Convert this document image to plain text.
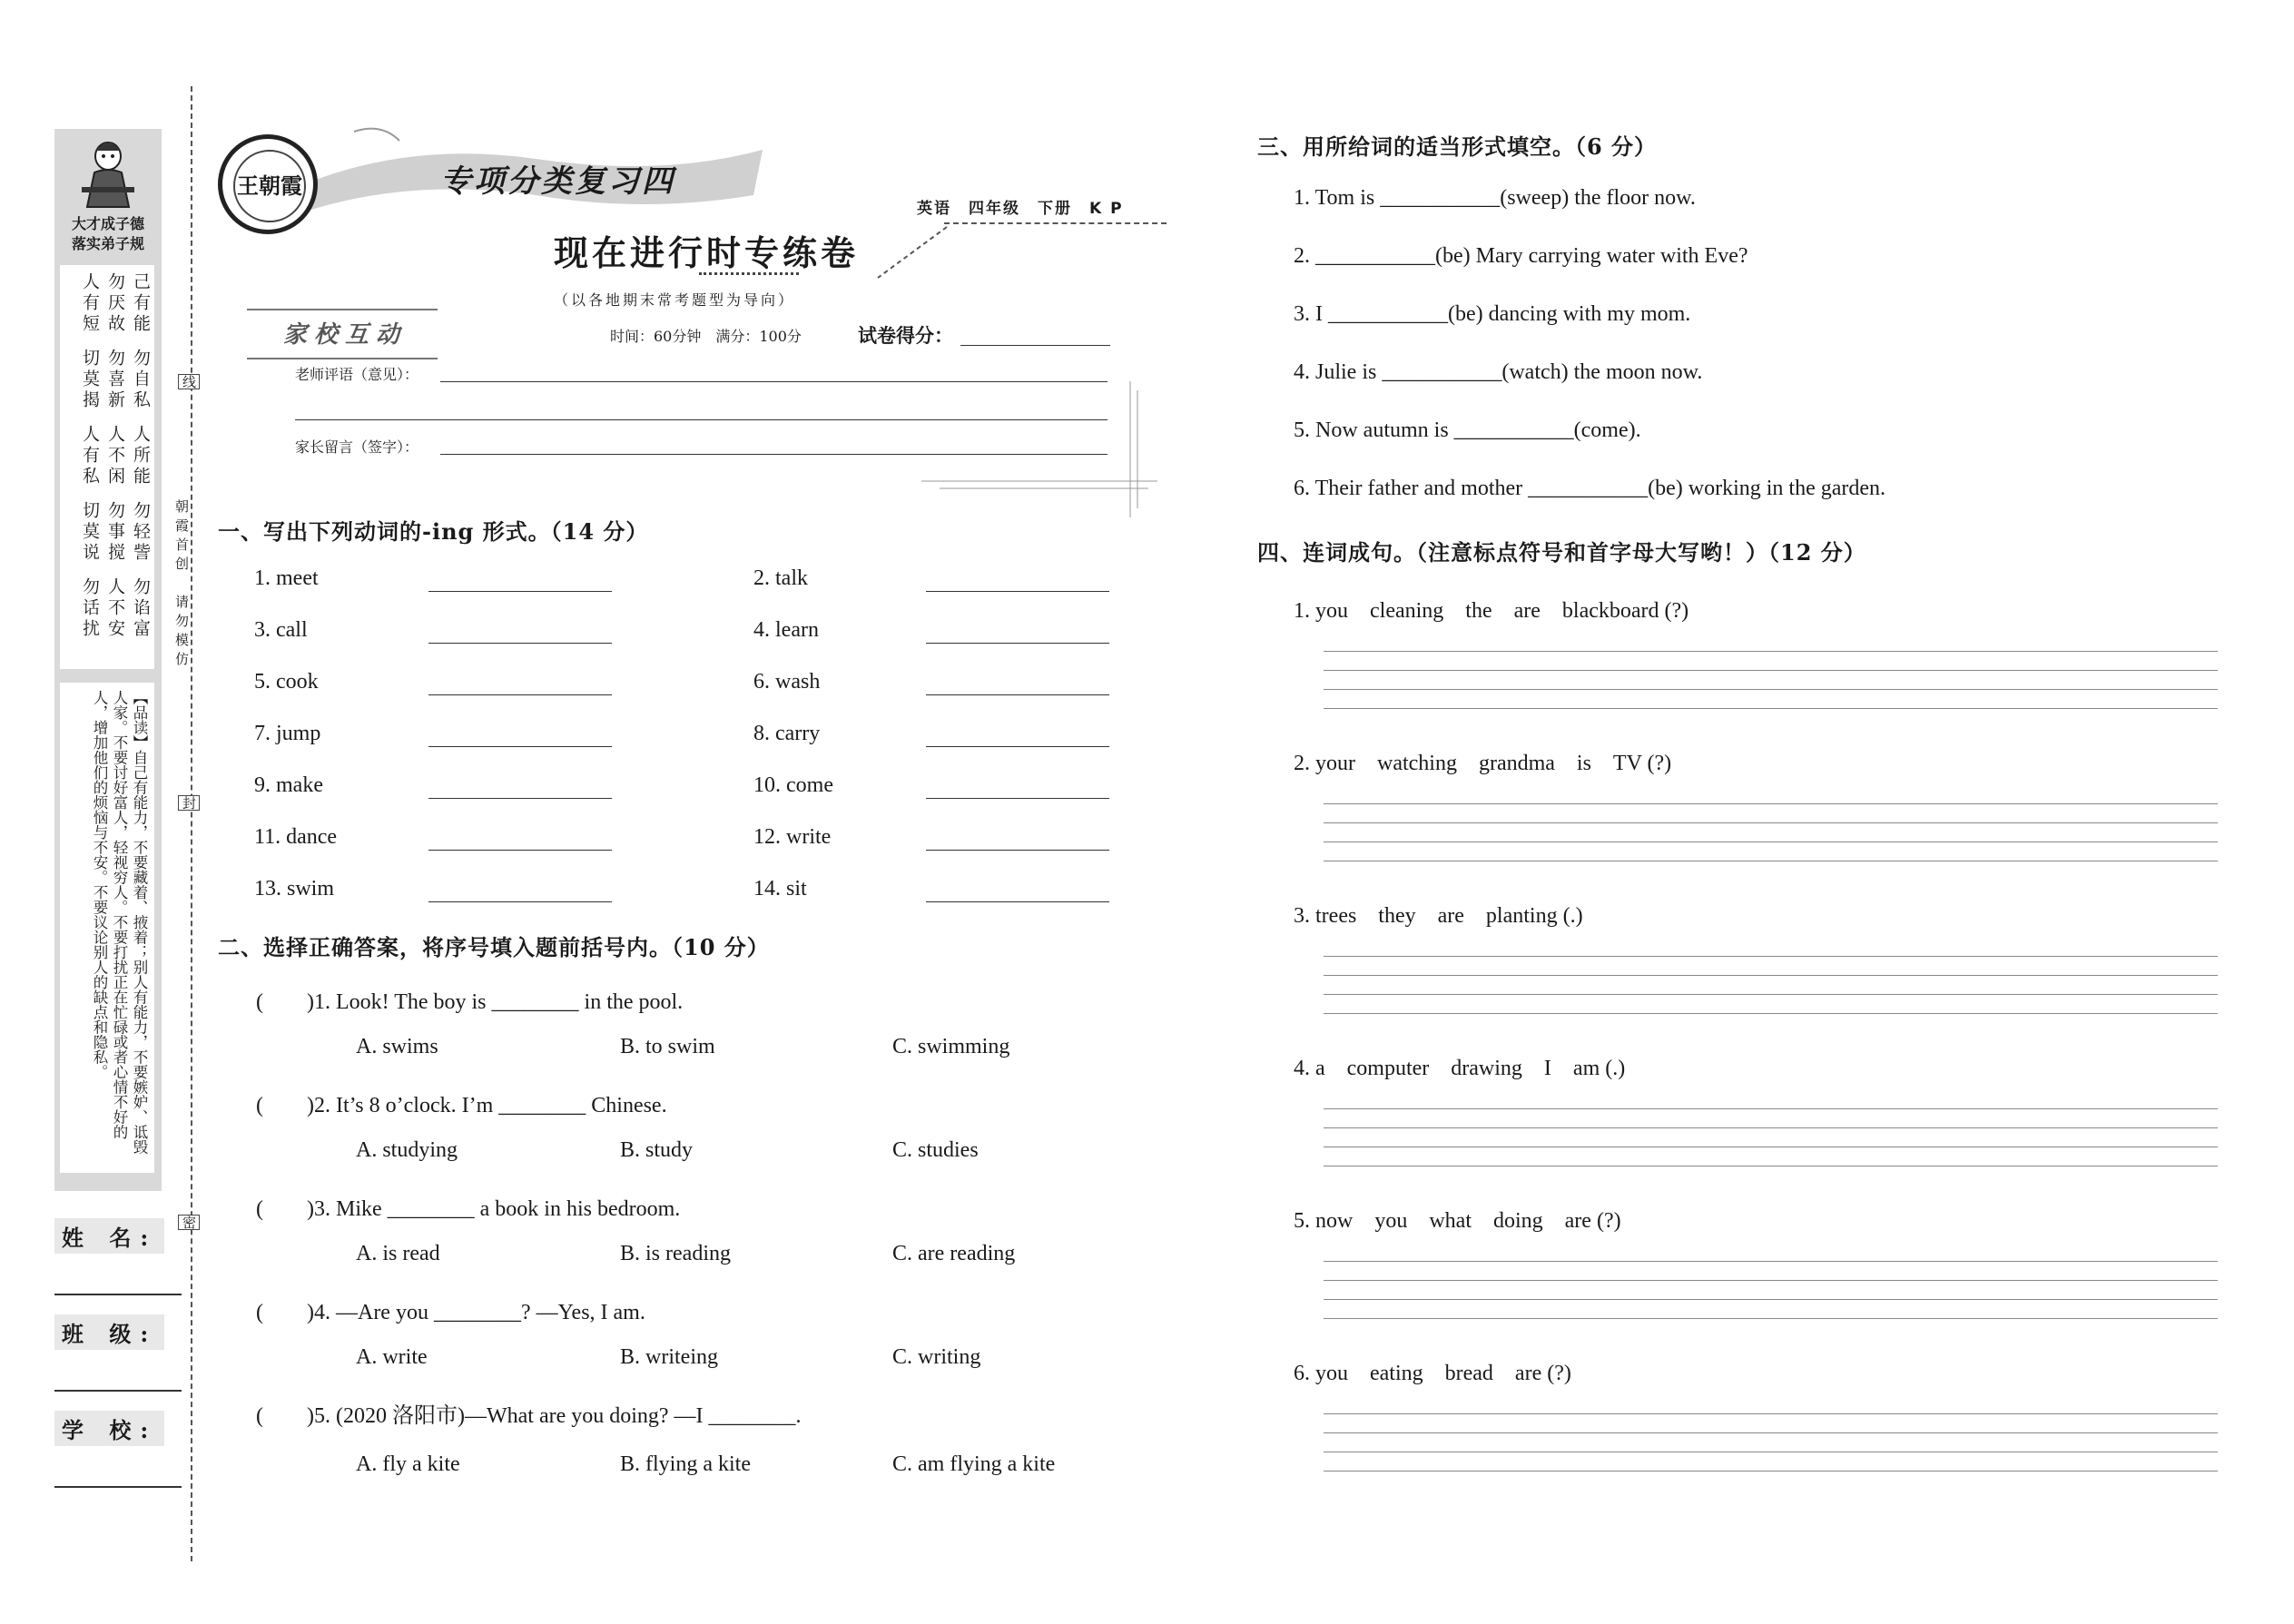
大才成子德
落实弟子规
己有能
勿厌故
人有短
勿自私
勿喜新
切莫揭
人所能
人不闲
人有私
勿轻訾
勿事搅
切莫说
勿谄富
人不安
勿话扰
【品读】自己有能力，不要藏着、掖着；别人有能力，不要嫉妒、诋毁人家。不要讨好富人，轻视穷人。不要打扰正在忙碌或者心情不好的人，增加他们的烦恼与不安。不要议论别人的缺点和隐私。
姓 名:
班 级:
学 校:
线
封
密
朝霞首创
请勿模仿
王朝霞	专项分类复习四
英语　四年级　下册　K P
现在进行时专练卷
（以各地期末常考题型为导向）
家校互动	时间：60分钟　满分：100分	试卷得分：
老师评语（意见）：
家长留言（签字）：
一、写出下列动词的-ing 形式。（14 分）
1. meet	2. talk
3. call	4. learn
5. cook	6. wash
7. jump	8. carry
9. make	10. come
11. dance	12. write
13. swim	14. sit
二、选择正确答案，将序号填入题前括号内。（10 分）
(　　)1. Look! The boy is ________ in the pool.
A. swims	B. to swim	C. swimming
(　　)2. It’s 8 o’clock. I’m ________ Chinese.
A. studying	B. study	C. studies
(　　)3. Mike ________ a book in his bedroom.
A. is read	B. is reading	C. are reading
(　　)4. —Are you ________? —Yes, I am.
A. write	B. writeing	C. writing
(　　)5. (2020 洛阳市)—What are you doing? —I ________.
A. fly a kite	B. flying a kite	C. am flying a kite
三、用所给词的适当形式填空。（6 分）
1. Tom is ___________(sweep) the floor now.
2. ___________(be) Mary carrying water with Eve?
3. I ___________(be) dancing with my mom.
4. Julie is ___________(watch) the moon now.
5. Now autumn is ___________(come).
6. Their father and mother ___________(be) working in the garden.
四、连词成句。（注意标点符号和首字母大写哟！）（12 分）
1. you　cleaning　the　are　blackboard (?)
2. your　watching　grandma　is　TV (?)
3. trees　they　are　planting (.)
4. a　computer　drawing　I　am (.)
5. now　you　what　doing　are (?)
6. you　eating　bread　are (?)
